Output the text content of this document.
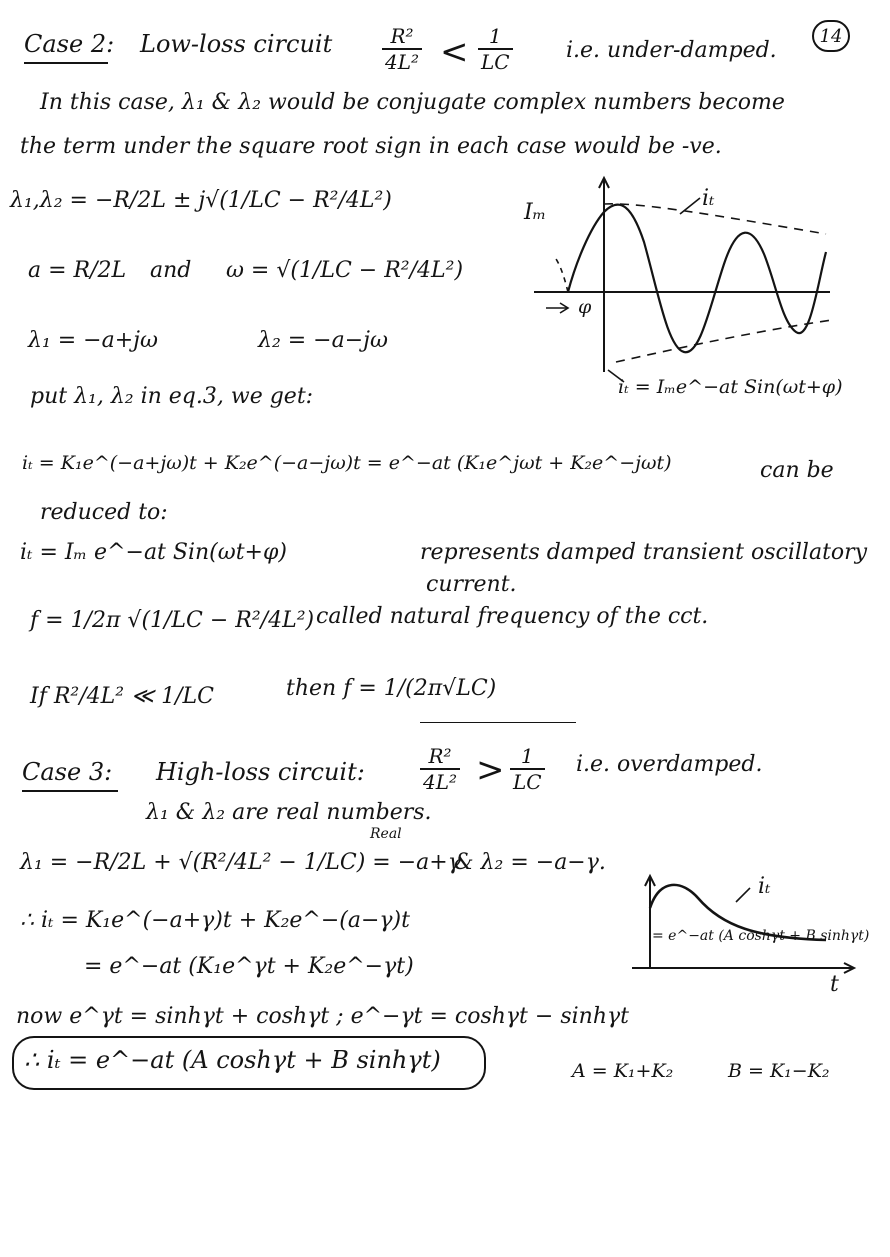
14
Case 2: Low-loss circuit $\frac{\text{R²}}{\text{4L²}} < \frac{1}{LC} i.e$. under-damped.
In this case, λ₁ & λ₂ would be conjugate complex numbers become
the term under the square root sign in each case would be -ve.
λ₁,λ₂ = −R/2L ± j√(1/LC − R²/4L²)
a = R/2L and ω = √(1/LC − R²/4L²)
λ₁ = −a+jω	λ₂ = −a−jω
put λ₁, λ₂ in eq.3, we get:
iₜ = K₁e^(−a+jω)t + K₂e^(−a−jω)t = e^−at (K₁e^jωt + K₂e^−jωt)	can be
reduced to:
iₜ = Iₘ e^−at Sin(ωt+φ)	represents damped transient oscillatory
current.
f = 1/2π √(1/LC − R²/4L²) called natural frequency of the cct.
If R²/4L² ≪ 1/LC	then f = 1/(2π√LC)
Iₘ
iₜ
φ
iₜ = Iₘe^−at Sin(ωt+φ)
Case 3: High-loss circuit:	$\frac{\text{R²}}{\text{4L²}} > \frac{1}{LC} i.e$. overdamped.
λ₁ & λ₂ are real numbers.
Real
λ₁ = −R/2L + √(R²/4L² − 1/LC) = −a+γ
& λ₂ = −a−γ.
∴ iₜ = K₁e^(−a+γ)t + K₂e^−(a−γ)t
= e^−at (K₁e^γt + K₂e^−γt)
now e^γt = sinhγt + coshγt ; e^−γt = coshγt − sinhγt
∴ iₜ = e^−at (A coshγt + B sinhγt)	A = K₁+K₂	B = K₁−K₂
iₜ
= e^−at (A coshγt + B sinhγt)
t
